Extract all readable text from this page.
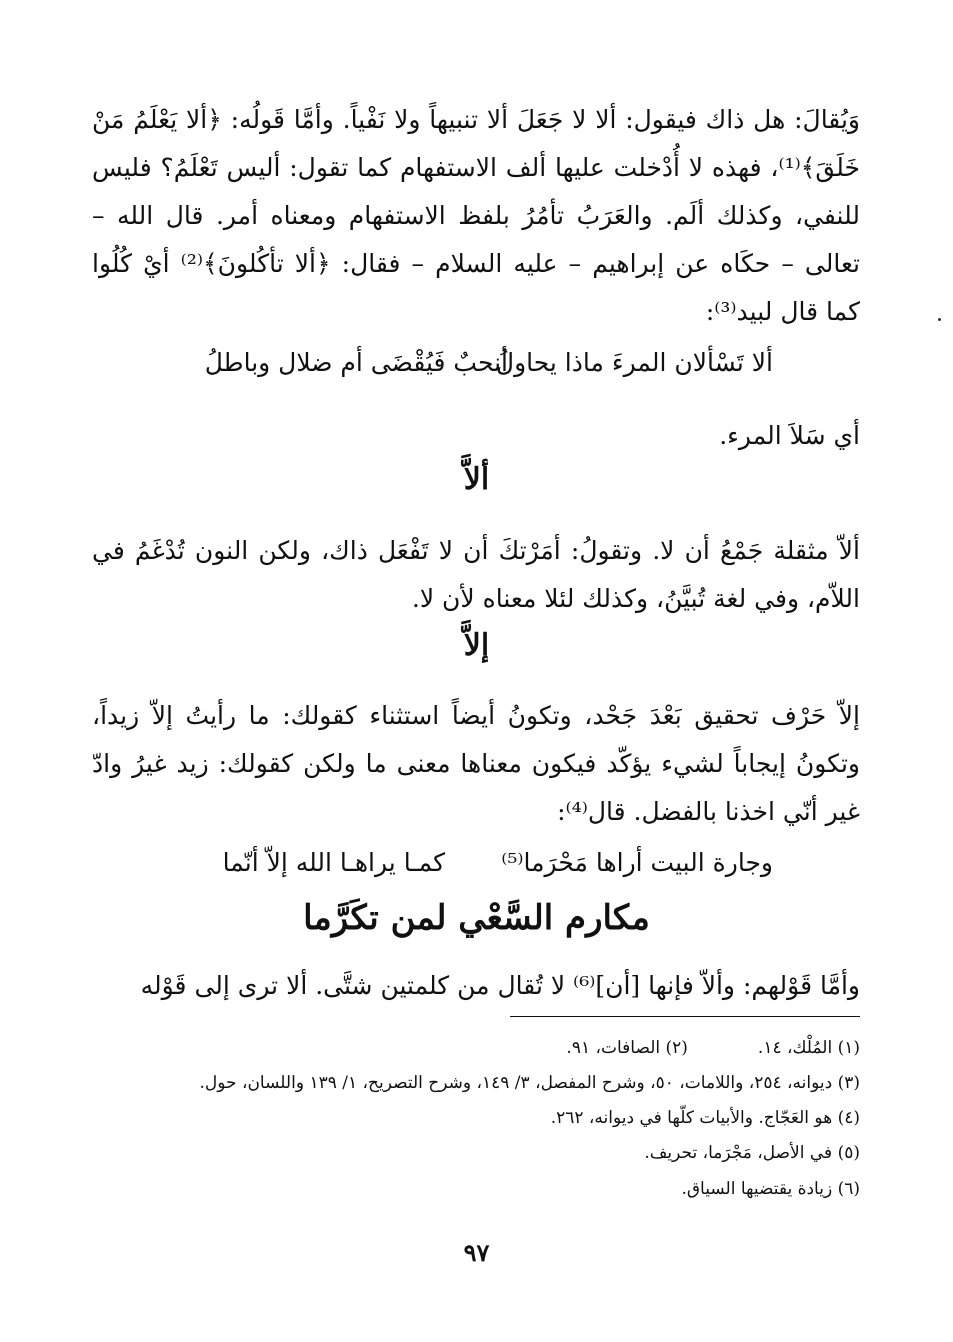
وَيُقالَ: هل ذاك فيقول: ألا لا جَعَلَ ألا تنبيهاً ولا نَفْياً. وأمَّا قَولُه: ﴿ألا يَعْلَمُ مَنْ خَلَقَ﴾⁽¹⁾، فهذه لا أُدْخلت عليها ألف الاستفهام كما تقول: أليس تَعْلَمُ؟ فليس للنفي، وكذلك ألَم. والعَرَبُ تأمُرُ بلفظ الاستفهام ومعناه أمر. قال الله – تعالى – حكَاه عن إبراهيم – عليه السلام – فقال: ﴿ألا تأكُلونَ﴾⁽²⁾ أيْ كُلُوا كما قال لبيد⁽³⁾:
ألا تَسْألان المرءَ ماذا يحاولُ
أنحبٌ فَيُقْضَى أم ضلال وباطلُ
أي سَلاَ المرء.
ألاَّ
ألاّ مثقلة جَمْعُ أن لا. وتقولُ: أمَرْتكَ أن لا تَفْعَل ذاك، ولكن النون تُدْغَمُ في اللاّم، وفي لغة تُبيَّنُ، وكذلك لئلا معناه لأن لا.
إلاَّ
إلاّ حَرْف تحقيق بَعْدَ جَحْد، وتكونُ أيضاً استثناء كقولك: ما رأيتُ إلاّ زيداً، وتكونُ إيجاباً لشيء يؤكّد فيكون معناها معنى ما ولكن كقولك: زيد غيرُ وادّ غير أنّي اخذنا بالفضل. قال⁽⁴⁾:
وجارة البيت أراها مَحْرَما⁽⁵⁾
كمـا يراهـا الله إلاّ أنّما
مكارم السَّعْي لمن تكَرَّما
وأمَّا قَوْلهم: وألاّ فإنها [أن]⁽⁶⁾ لا تُقال من كلمتين شتَّى. ألا ترى إلى قَوْله
(١) المُلْك، ١٤.(٢) الصافات، ٩١.
(٣) ديوانه، ٢٥٤، واللامات، ٥٠، وشرح المفصل، ٣/ ١٤٩، وشرح التصريح، ١/ ١٣٩ واللسان، حول.
(٤) هو العَجّاج. والأبيات كلّها في ديوانه، ٢٦٢.
(٥) في الأصل، مَجْرَما، تحريف.
(٦) زيادة يقتضيها السياق.
٩٧
